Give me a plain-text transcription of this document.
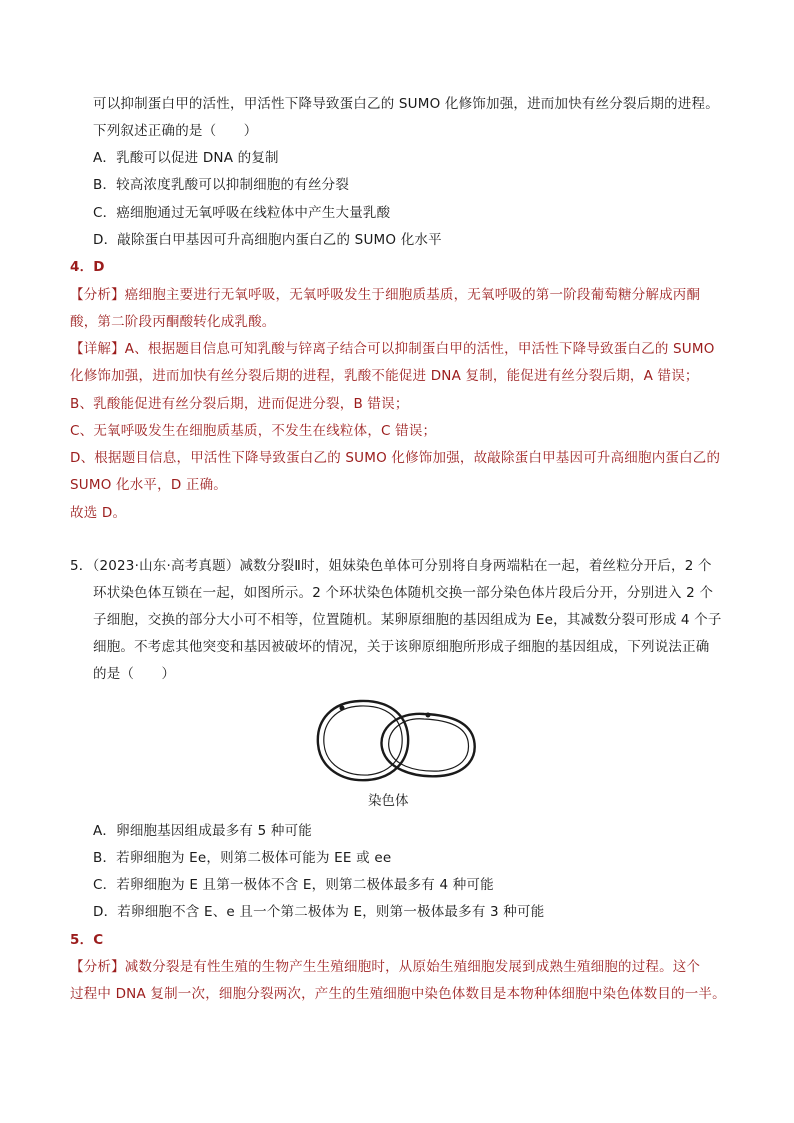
可以抑制蛋白甲的活性，甲活性下降导致蛋白乙的 SUMO 化修饰加强，进而加快有丝分裂后期的进程。
下列叙述正确的是（　　）
A．乳酸可以促进 DNA 的复制
B．较高浓度乳酸可以抑制细胞的有丝分裂
C．癌细胞通过无氧呼吸在线粒体中产生大量乳酸
D．敲除蛋白甲基因可升高细胞内蛋白乙的 SUMO 化水平
4．D
【分析】癌细胞主要进行无氧呼吸，无氧呼吸发生于细胞质基质，无氧呼吸的第一阶段葡萄糖分解成丙酮
酸，第二阶段丙酮酸转化成乳酸。
【详解】A、根据题目信息可知乳酸与锌离子结合可以抑制蛋白甲的活性，甲活性下降导致蛋白乙的 SUMO
化修饰加强，进而加快有丝分裂后期的进程，乳酸不能促进 DNA 复制，能促进有丝分裂后期，A 错误；
B、乳酸能促进有丝分裂后期，进而促进分裂，B 错误；
C、无氧呼吸发生在细胞质基质，不发生在线粒体，C 错误；
D、根据题目信息，甲活性下降导致蛋白乙的 SUMO 化修饰加强，故敲除蛋白甲基因可升高细胞内蛋白乙的
SUMO 化水平，D 正确。
故选 D。
5．（2023·山东·高考真题）减数分裂Ⅱ时，姐妹染色单体可分别将自身两端粘在一起，着丝粒分开后，2 个
环状染色体互锁在一起，如图所示。2 个环状染色体随机交换一部分染色体片段后分开，分别进入 2 个
子细胞，交换的部分大小可不相等，位置随机。某卵原细胞的基因组成为 Ee，其减数分裂可形成 4 个子
细胞。不考虑其他突变和基因被破坏的情况，关于该卵原细胞所形成子细胞的基因组成，下列说法正确
的是（　　）
染色体
A．卵细胞基因组成最多有 5 种可能
B．若卵细胞为 Ee，则第二极体可能为 EE 或 ee
C．若卵细胞为 E 且第一极体不含 E，则第二极体最多有 4 种可能
D．若卵细胞不含 E、e 且一个第二极体为 E，则第一极体最多有 3 种可能
5．C
【分析】减数分裂是有性生殖的生物产生生殖细胞时，从原始生殖细胞发展到成熟生殖细胞的过程。这个
过程中 DNA 复制一次，细胞分裂两次，产生的生殖细胞中染色体数目是本物种体细胞中染色体数目的一半。
